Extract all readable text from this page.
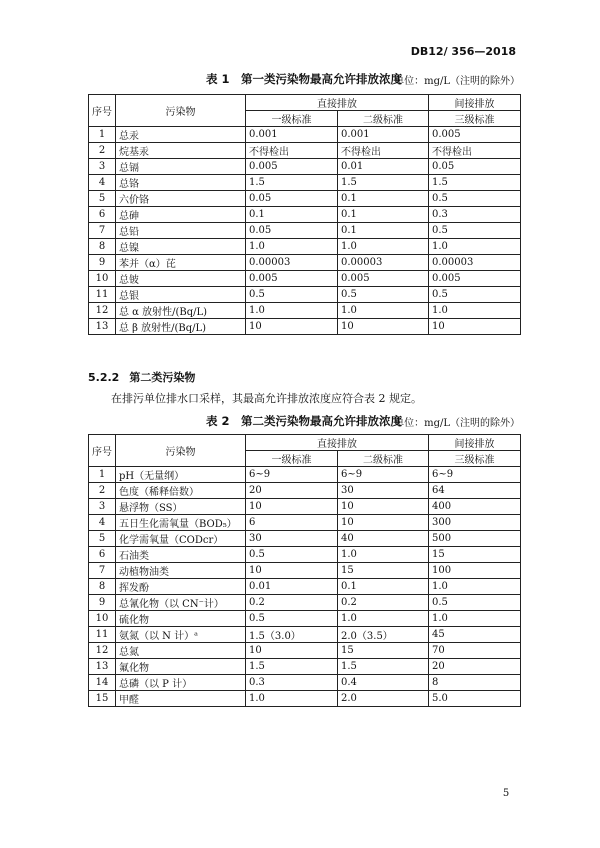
DB12/ 356—2018
表 1　第一类污染物最高允许排放浓度
单位：mg/L（注明的除外）
序号	污染物	直接排放		间接排放
		一级标准	二级标准	三级标准
1	总汞	0.001	0.001	0.005
2	烷基汞	不得检出	不得检出	不得检出
3	总镉	0.005	0.01	0.05
4	总铬	1.5	1.5	1.5
5	六价铬	0.05	0.1	0.5
6	总砷	0.1	0.1	0.3
7	总铅	0.05	0.1	0.5
8	总镍	1.0	1.0	1.0
9	苯并（α）芘	0.00003	0.00003	0.00003
10	总铍	0.005	0.005	0.005
11	总银	0.5	0.5	0.5
12	总 α 放射性/(Bq/L)	1.0	1.0	1.0
13	总 β 放射性/(Bq/L)	10	10	10
5.2.2 第二类污染物
在排污单位排水口采样，其最高允许排放浓度应符合表 2 规定。
表 2　第二类污染物最高允许排放浓度
单位：mg/L（注明的除外）
序号	污染物	直接排放		间接排放
		一级标准	二级标准	三级标准
1	pH（无量纲）	6~9	6~9	6~9
2	色度（稀释倍数）	20	30	64
3	悬浮物（SS）	10	10	400
4	五日生化需氧量（BOD₅）	6	10	300
5	化学需氧量（CODcr）	30	40	500
6	石油类	0.5	1.0	15
7	动植物油类	10	15	100
8	挥发酚	0.01	0.1	1.0
9	总氰化物（以 CN⁻计）	0.2	0.2	0.5
10	硫化物	0.5	1.0	1.0
11	氨氮（以 N 计）ᵃ	1.5（3.0）	2.0（3.5）	45
12	总氮	10	15	70
13	氟化物	1.5	1.5	20
14	总磷（以 P 计）	0.3	0.4	8
15	甲醛	1.0	2.0	5.0
5
